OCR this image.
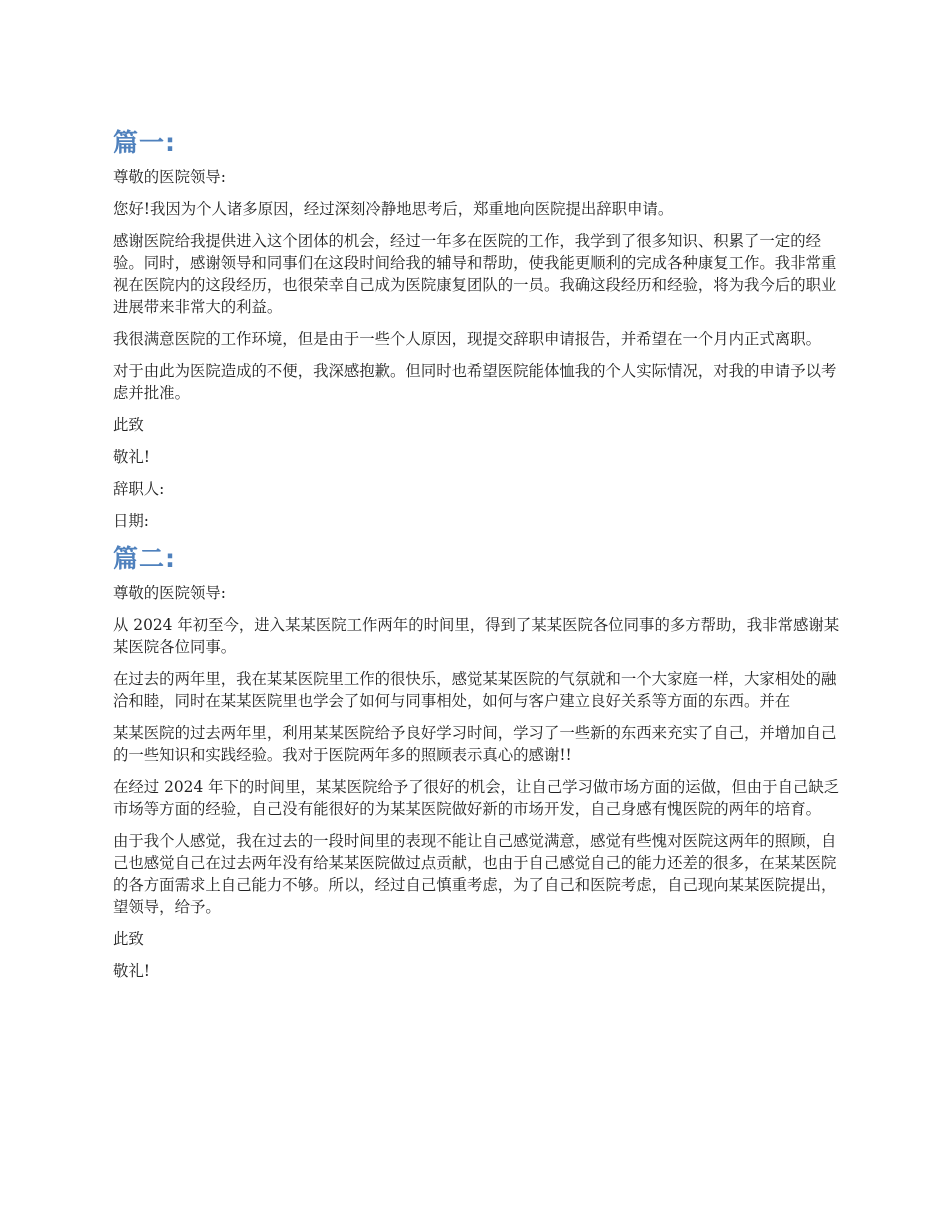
篇一:

尊敬的医院领导:

您好!我因为个人诸多原因，经过深刻冷静地思考后，郑重地向医院提出辞职申请。

感谢医院给我提供进入这个团体的机会，经过一年多在医院的工作，我学到了很多知识、积累了一定的经验。同时，感谢领导和同事们在这段时间给我的辅导和帮助，使我能更顺利的完成各种康复工作。我非常重视在医院内的这段经历，也很荣幸自己成为医院康复团队的一员。我确这段经历和经验，将为我今后的职业进展带来非常大的利益。

我很满意医院的工作环境，但是由于一些个人原因，现提交辞职申请报告，并希望在一个月内正式离职。

对于由此为医院造成的不便，我深感抱歉。但同时也希望医院能体恤我的个人实际情况，对我的申请予以考虑并批准。

此致

敬礼!

辞职人:

日期:

篇二:

尊敬的医院领导:

从 2024 年初至今，进入某某医院工作两年的时间里，得到了某某医院各位同事的多方帮助，我非常感谢某某医院各位同事。

在过去的两年里，我在某某医院里工作的很快乐，感觉某某医院的气氛就和一个大家庭一样，大家相处的融洽和睦，同时在某某医院里也学会了如何与同事相处，如何与客户建立良好关系等方面的东西。并在

某某医院的过去两年里，利用某某医院给予良好学习时间，学习了一些新的东西来充实了自己，并增加自己的一些知识和实践经验。我对于医院两年多的照顾表示真心的感谢!!

在经过 2024 年下的时间里，某某医院给予了很好的机会，让自己学习做市场方面的运做，但由于自己缺乏市场等方面的经验，自己没有能很好的为某某医院做好新的市场开发，自己身感有愧医院的两年的培育。

由于我个人感觉，我在过去的一段时间里的表现不能让自己感觉满意，感觉有些愧对医院这两年的照顾，自己也感觉自己在过去两年没有给某某医院做过点贡献，也由于自己感觉自己的能力还差的很多，在某某医院的各方面需求上自己能力不够。所以，经过自己慎重考虑，为了自己和医院考虑，自己现向某某医院提出，望领导，给予。

此致

敬礼!
